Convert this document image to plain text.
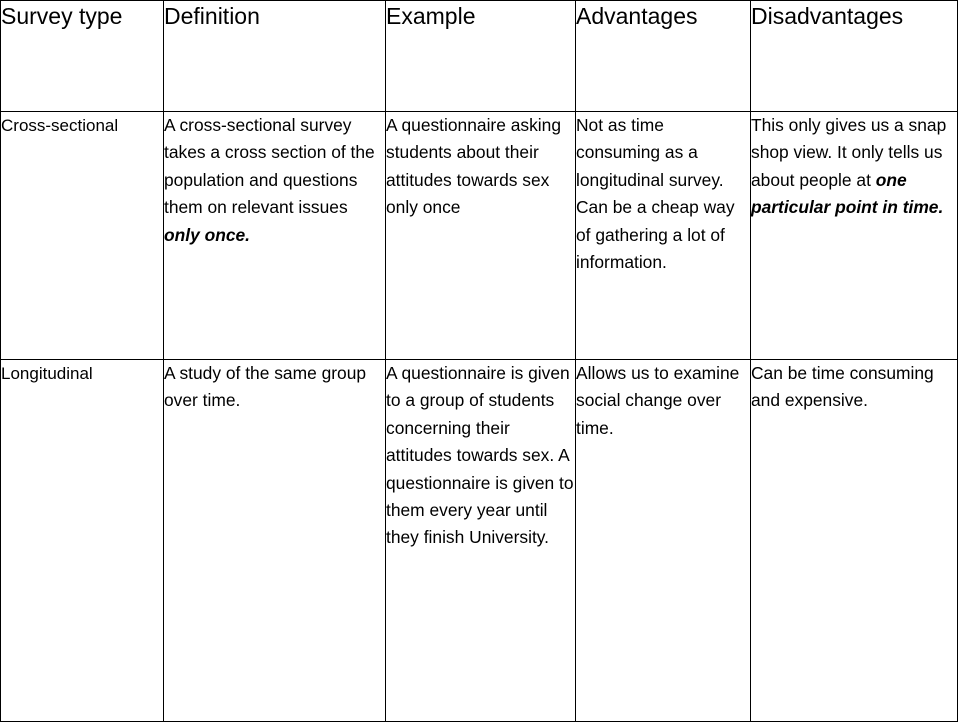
Survey type	Definition	Example	Advantages	Disadvantages
Cross-sectional	A cross-sectional survey takes a cross section of the population and questions them on relevant issues only once.	A questionnaire asking students about their attitudes towards sex only once	Not as time consuming as a longitudinal survey. Can be a cheap way of gathering a lot of information.	This only gives us a snap shop view. It only tells us about people at one particular point in time.
Longitudinal	A study of the same group over time.	A questionnaire is given to a group of students concerning their attitudes towards sex. A questionnaire is given to them every year until they finish University.	Allows us to examine social change over time.	Can be time consuming and expensive.
